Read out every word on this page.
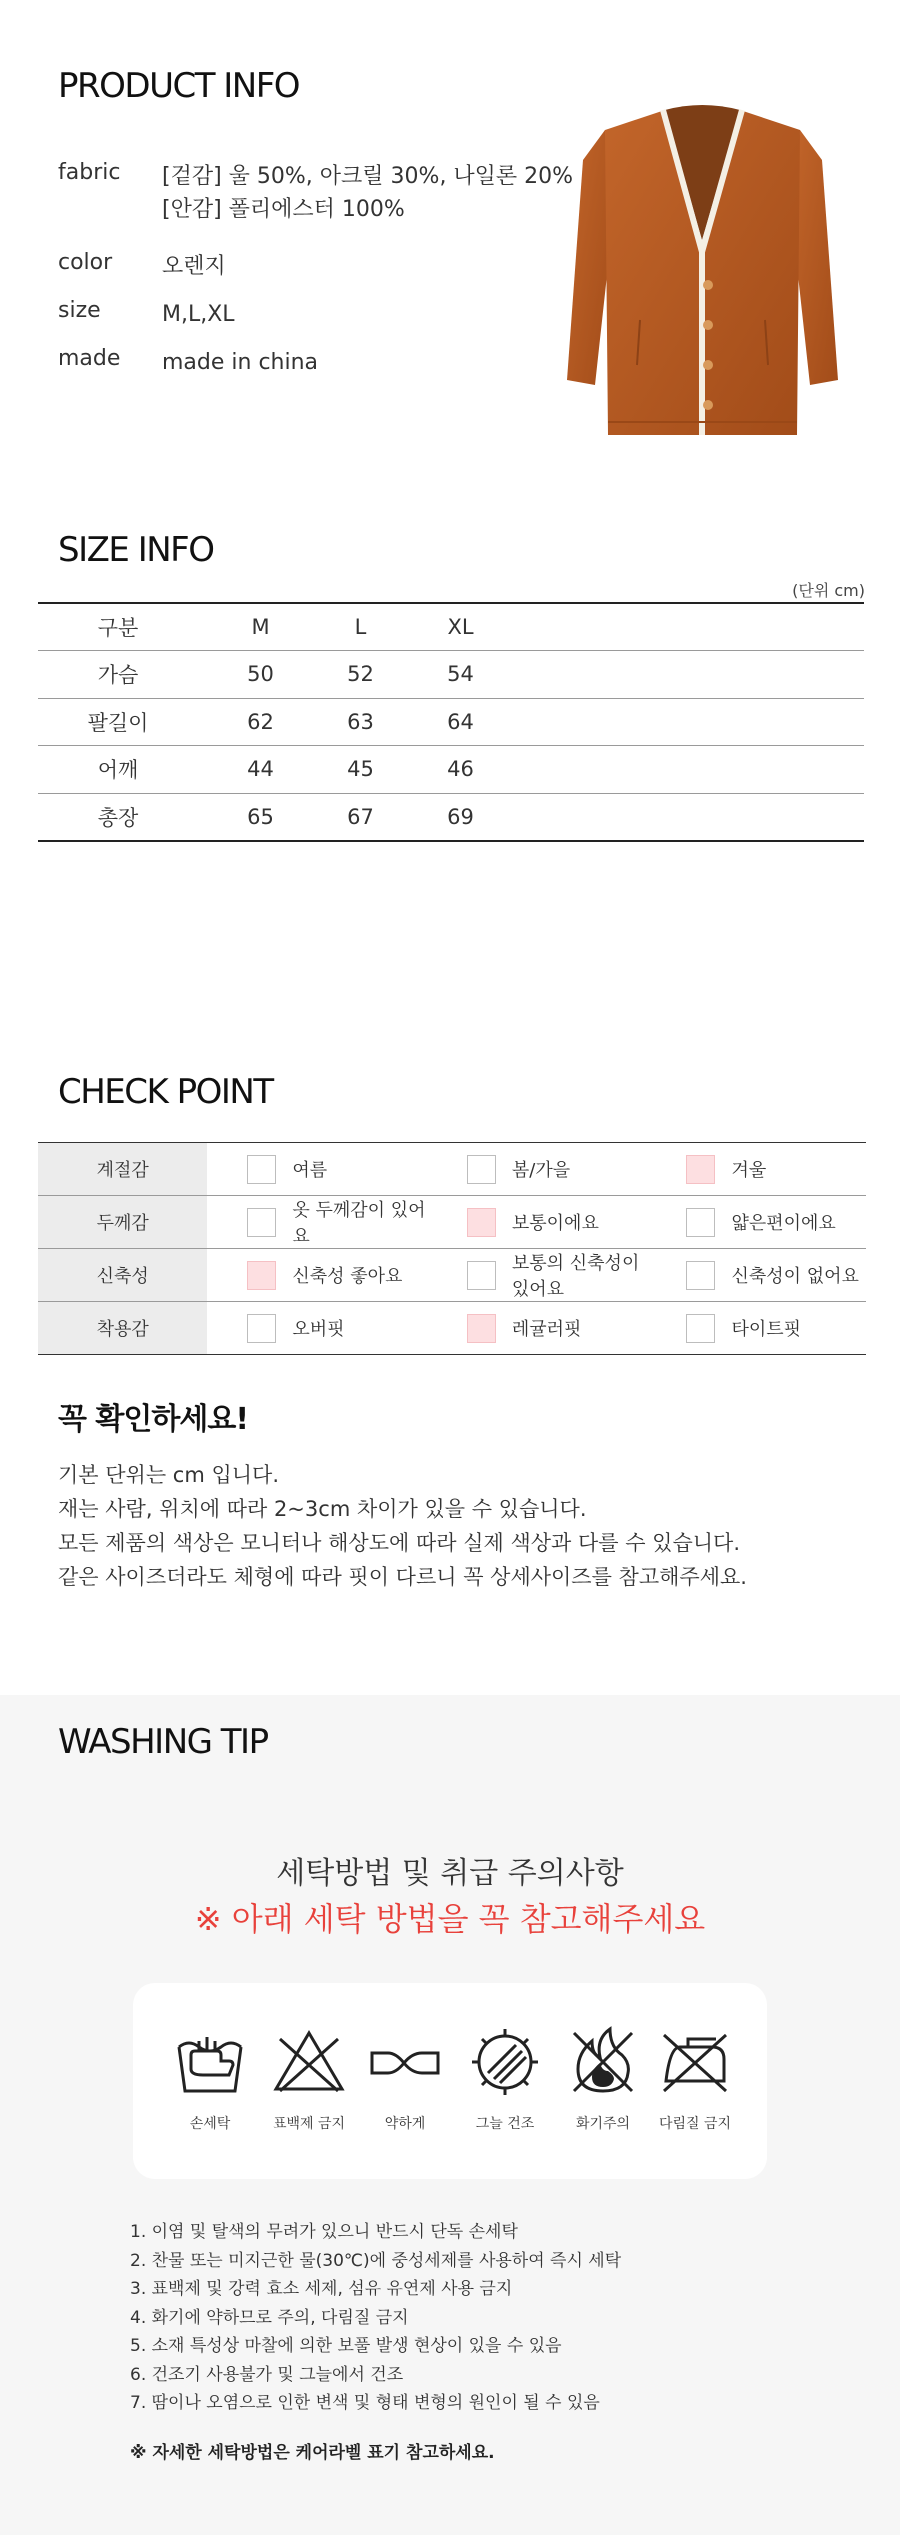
PRODUCT INFO
fabric	[겉감] 울 50%, 아크릴 30%, 나일론 20%
[안감] 폴리에스터 100%
color	오렌지
size	M,L,XL
made	made in china
SIZE INFO
(단위 cm)
구분	M	L	XL	
가슴	50	52	54	
팔길이	62	63	64	
어깨	44	45	46	
총장	65	67	69	
CHECK POINT
계절감	여름	봄/가을	겨울

두께감	옷 두께감이 있어요	보통이에요	얇은편이에요

신축성	신축성 좋아요	보통의 신축성이있어요	신축성이 없어요

착용감	오버핏	레귤러핏	타이트핏
꼭 확인하세요!
기본 단위는 cm 입니다.
재는 사람, 위치에 따라 2~3cm 차이가 있을 수 있습니다.
모든 제품의 색상은 모니터나 해상도에 따라 실제 색상과 다를 수 있습니다.
같은 사이즈더라도 체형에 따라 핏이 다르니 꼭 상세사이즈를 참고해주세요.
WASHING TIP
세탁방법 및 취급 주의사항
※ 아래 세탁 방법을 꼭 참고해주세요
손세탁	표백제 금지	약하게	그늘 건조	화기주의	다림질 금지
1. 이염 및 탈색의 무려가 있으니 반드시 단독 손세탁
2. 찬물 또는 미지근한 물(30℃)에 중성세제를 사용하여 즉시 세탁
3. 표백제 및 강력 효소 세제, 섬유 유연제 사용 금지
4. 화기에 약하므로 주의, 다림질 금지
5. 소재 특성상 마찰에 의한 보풀 발생 현상이 있을 수 있음
6. 건조기 사용불가 및 그늘에서 건조
7. 땀이나 오염으로 인한 변색 및 형태 변형의 원인이 될 수 있음
※ 자세한 세탁방법은 케어라벨 표기 참고하세요.
